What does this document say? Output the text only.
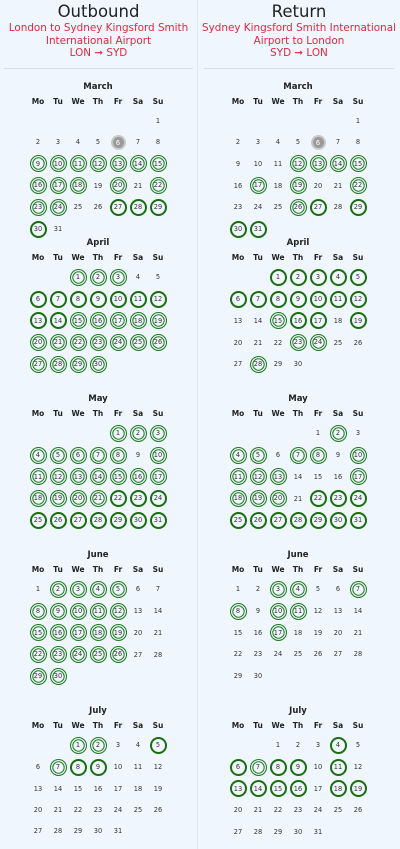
Outbound
London to Sydney Kingsford Smith
International Airport
LON ➞ SYD
March
Mo	Tu	We	Th	Fr	Sa	Su
						1
2	3	4	5	6	7	8
9	10	11	12	13	14	15
16	17	18	19	20	21	22
23	24	25	26	27	28	29
30	31					
April
Mo	Tu	We	Th	Fr	Sa	Su
		1	2	3	4	5
6	7	8	9	10	11	12
13	14	15	16	17	18	19
20	21	22	23	24	25	26
27	28	29	30			
May
Mo	Tu	We	Th	Fr	Sa	Su
				1	2	3
4	5	6	7	8	9	10
11	12	13	14	15	16	17
18	19	20	21	22	23	24
25	26	27	28	29	30	31
June
Mo	Tu	We	Th	Fr	Sa	Su
1	2	3	4	5	6	7
8	9	10	11	12	13	14
15	16	17	18	19	20	21
22	23	24	25	26	27	28
29	30					
July
Mo	Tu	We	Th	Fr	Sa	Su
		1	2	3	4	5
6	7	8	9	10	11	12
13	14	15	16	17	18	19
20	21	22	23	24	25	26
27	28	29	30	31		
Return
Sydney Kingsford Smith International
Airport to London
SYD ➞ LON
March
Mo	Tu	We	Th	Fr	Sa	Su
						1
2	3	4	5	6	7	8
9	10	11	12	13	14	15
16	17	18	19	20	21	22
23	24	25	26	27	28	29
30	31					
April
Mo	Tu	We	Th	Fr	Sa	Su
		1	2	3	4	5
6	7	8	9	10	11	12
13	14	15	16	17	18	19
20	21	22	23	24	25	26
27	28	29	30			
May
Mo	Tu	We	Th	Fr	Sa	Su
				1	2	3
4	5	6	7	8	9	10
11	12	13	14	15	16	17
18	19	20	21	22	23	24
25	26	27	28	29	30	31
June
Mo	Tu	We	Th	Fr	Sa	Su
1	2	3	4	5	6	7
8	9	10	11	12	13	14
15	16	17	18	19	20	21
22	23	24	25	26	27	28
29	30					
July
Mo	Tu	We	Th	Fr	Sa	Su
		1	2	3	4	5
6	7	8	9	10	11	12
13	14	15	16	17	18	19
20	21	22	23	24	25	26
27	28	29	30	31		
